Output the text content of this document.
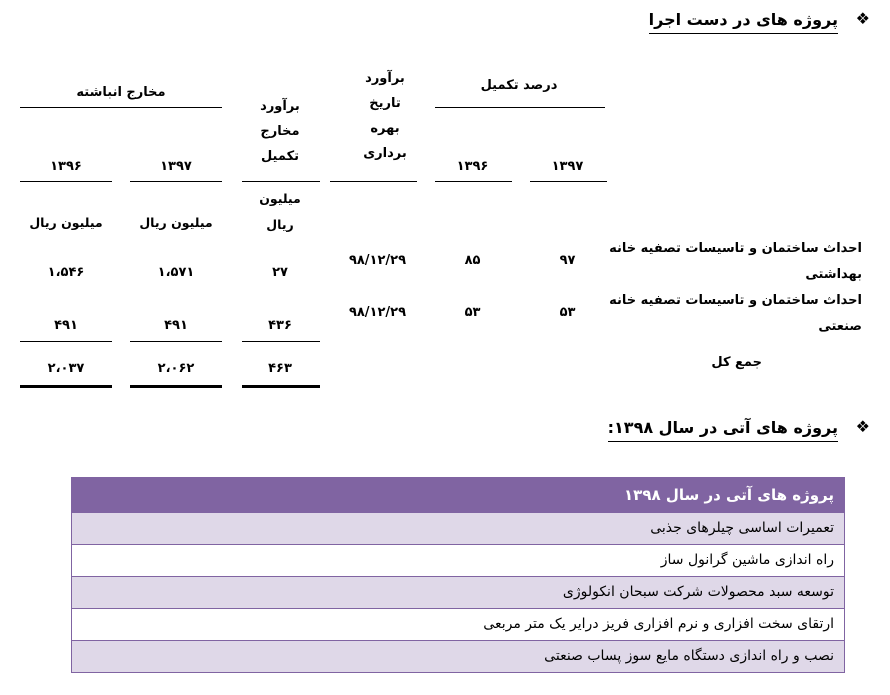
❖
پروژه های در دست اجرا
درصد تکمیل
برآورد
تاریخ
بهره
برداری
برآورد
مخارج
تکمیل
مخارج انباشته
۱۳۹۷
۱۳۹۶
۱۳۹۷
۱۳۹۶
میلیون
ریال
میلیون ریال
میلیون ریال
احداث ساختمان و تاسیسات تصفیه خانه
بهداشتی
۹۷
۸۵
۹۸/۱۲/۲۹
۲۷
۱،۵۷۱
۱،۵۴۶
احداث ساختمان و تاسیسات تصفیه خانه
صنعتی
۵۳
۵۳
۹۸/۱۲/۲۹
۴۳۶
۴۹۱
۴۹۱
جمع کل
۴۶۳
۲،۰۶۲
۲،۰۳۷
❖
پروژه های آتی در سال ۱۳۹۸:
پروژه های آتی در سال ۱۳۹۸
تعمیرات اساسی چیلرهای جذبی
راه اندازی ماشین گرانول ساز
توسعه سبد محصولات شرکت سبحان انکولوژی
ارتقای سخت افزاری و نرم افزاری فریز درایر یک متر مربعی
نصب و راه اندازی دستگاه مایع سوز پساب صنعتی
